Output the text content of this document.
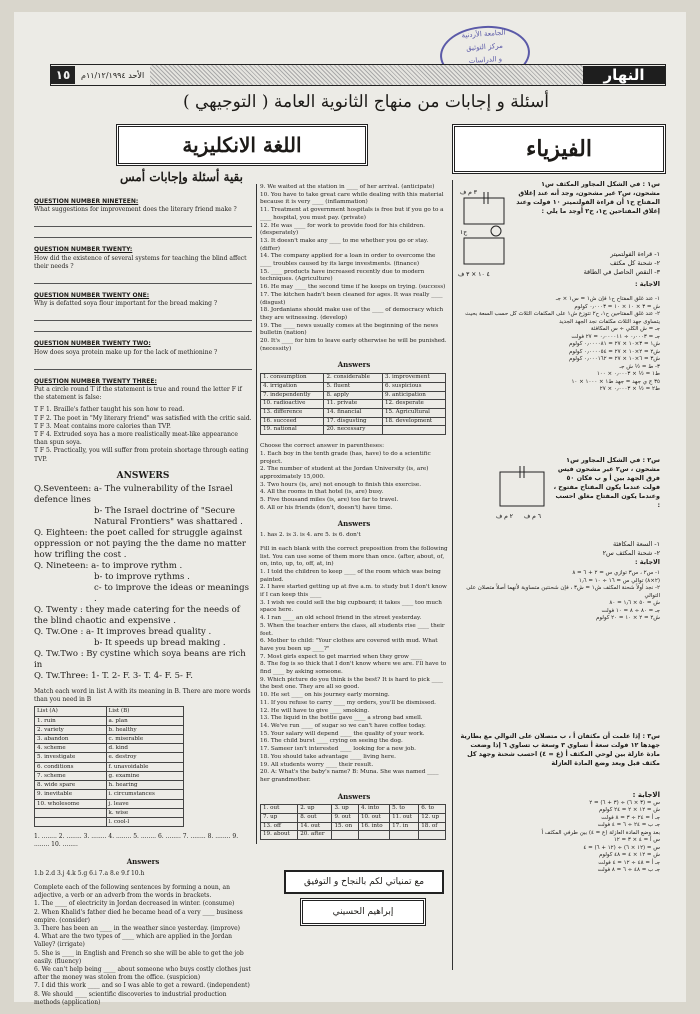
الجامعة الأردنية
مركز التوثيق
و الدراسات
١٥	الأحد ١١/١٢/١٩٩٤م	النهار
أسئلة و إجابات من منهاج الثانوية العامة ( التوجيهي )
اللغة الانكليزية	الفيزياء
بقية أسئلة وإجابات أمس
QUESTION NUMBER NINETEEN:
What suggestions for improvement does the literary friend make ?
QUESTION NUMBER TWENTY:
How did the existence of several systems for teaching the blind affect their needs ?
QUESTION NUMBER TWENTY ONE:
Why is defatted soya flour important for the bread making ?
QUESTION NUMBER TWENTY TWO:
How does soya protein make up for the lack of methionine ?
QUESTION NUMBER TWENTY THREE:
Put a circle round T if the statement is true and round the letter F if the statement is false:
T F 1. Braille's father taught his son how to read.
T F 2. The poet in "My literary friend" was satisfied with the critic said.
T F 3. Meat contains more calories than TVP.
T F 4. Extruded soya has a more realistically meat-like appearance than spun soya.
T F 5. Practically, you will suffer from protein shortage through eating TVP.
ANSWERS
Q.Seventeen: a- The vulnerability of the Israel defence lines
b- The Israel doctrine of "Secure Natural Frontiers" was shattared .
Q. Eighteen: the poet called for struggle against oppression or not paying the the dame no matter how trifling the cost .
Q. Nineteen: a- to improve rythm .
b- to improve rythms .
c- to improve the ideas or meanings .
Q. Twenty : they made catering for the needs of the blind chaotic and expensive .
Q. Tw.One : a- It improves bread quality .
b- It speeds up bread making .
Q. Tw.Two : By cystine which soya beans are rich in
Q. Tw.Three: 1- T. 2- F. 3- T. 4- F. 5- F.
Match each word in list A with its meaning in B. There are more words than you need in B
List (A)	List (B)
1. ruin	a. plan
2. variety	b. healthy
3. abandon	c. miserable
4. scheme	d. kind
5. investigate	e. destroy
6. conditions	f. unavoidable
7. scheme	g. examine
8. wide spare	h. hearing
9. inevitable	i. circumstances
10. wholesome	j. leave
	k. wise
	l. cool-l
1. ........ 2. ........ 3. ........ 4. ........ 5. ........ 6. ........ 7. ........ 8. ........ 9. ........ 10. ........
Answers
1.b 2.d 3.j 4.k 5.g 6.i 7.a 8.e 9.f 10.h
Complete each of the following sentences by forming a noun, an adjective, a verb or an adverb from the words in brackets.
1. The ____ of electricity in Jordan decreased in winter. (consume)
2. When Khalid's father died he became head of a very ____ business empire. (consider)
3. There has been an ____ in the weather since yesterday. (improve)
4. What are the two types of ____ which are applied in the Jordan Valley? (irrigate)
5. She is ____ in English and French so she will be able to get the job easily. (fluency)
6. We can't help being ____ about someone who buys costly clothes just after the money was stolen from the office. (suspicion)
7. I did this work ____ and so I was able to get a reward. (independent)
8. We should ____ scientific discoveries to industrial production methods (application)
9. We waited at the station in ____ of her arrival. (anticipate)
10. You have to take great care while dealing with this material because it is very ____ (inflammation)
11. Treatment at government hospitals is free but if you go to a ____ hospital, you must pay. (private)
12. He was ____ for work to provide food for his children. (desperately)
13. It doesn't make any ____ to me whether you go or stay. (differ)
14. The company applied for a loan in order to overcome the ____ troubles caused by its large investments. (finance)
15. ____ products have increased recently due to modern techniques. (Agriculture)
16. He may ____ the second time if he keeps on trying. (success)
17. The kitchen hadn't been cleaned for ages. It was really ____ (disgust)
18. Jordanians should make use of the ____ of democracy which they are witnessing. (develop)
19. The ____ news usually comes at the beginning of the news bulletin (nation)
20. It's ____ for him to leave early otherwise he will be punished. (necessity)
Answers
1. consumption	2. considerable	3. improvement
4. irrigation	5. fluent	6. suspicious
7. independently	8. apply	9. anticipation
10. radioactive	11. private	12. desperate
13. difference	14. financial	15. Agricultural
16. succeed	17. disgusting	18. development
19. national	20. necessary	
Choose the correct answer in parentheses:
1. Each boy in the tenth grade (has, have) to do a scientific project.
2. The number of student at the Jordan University (is, are) approximately 15,000.
3. Two hours (is, are) not enough to finish this exercise.
4. All the rooms in that hotel (is, are) busy.
5. Five thousand miles (is, are) too far to travel.
6. All or his friends (don't, doesn't) have time.
Answers
1. has 2. is 3. is 4. are 5. is 6. don't
Fill in each blank with the correct preposition from the following list. You can use some of them more than once. (after, about, of, on, into, up, to, off, at, in)
1. I told the children to keep ____ of the room which was being painted.
2. I have started getting up at five a.m. to study but I don't know if I can keep this ____
3. I wish we could sell the big cupboard; it takes ____ too much space here.
4. I ran ____ an old school friend in the street yesterday.
5. When the teacher enters the class, all students rise ____ their feet.
6. Mother to child: "Your clothes are covered with mud. What have you been up ____?"
7. Most girls expect to get married when they grow ____
8. The fog is so thick that I don't know where we are. I'll have to find ____ by asking someone.
9. Which picture do you think is the best? It is hard to pick ____ the best one. They are all so good.
10. He set ____ on his journey early morning.
11. If you refuse to carry ____ my orders, you'll be dismissed.
12. He will have to give ____ smoking.
13. The liquid in the bottle gave ____ a strong bad smell.
14. We've run ____ of sugar so we can't have coffee today.
15. Your salary will depend ____ the quality of your work.
16. The child burst ____ crying on seeing the dog.
17. Sameer isn't interested ____ looking for a new job.
18. You should take advantage ____ living here.
19. All students worry ____ their result.
20. A: What's the baby's name? B: Muna. She was named ____ her grandmother.
Answers
1. out	2. up	3. up	4. into	5. to	6. to
7. up	8. out	9. out	10. out	11. out	12. up
13. off	14. out	15. on	16. into	17. in	18. of
19. about	20. after				
مع تمنياتي لكم بالنجاح و التوفيق
إبراهيم الحسيني
س١ : في الشكل المجاور المكثف س١ مشحون، س٢ غير مشحون، وجد أنه عند إغلاق المفتاح ح١ أن قراءة الفولتميتر ١٠ فولت وعند إغلاق المفتاحين ح١، ح٢ أوجد ما يلي :
١- قراءة الفولتميتر
٢- شحنة كل مكثف
٣- النقص الحاصل في الطاقة
الاجابة :
٣ م ف
ح١
٤ ١٠ × ٣ ف
١- عند غلق المفتاح ح١ فإن ش١ = س١ × جـ
ش = ٣ × ١٠ × ١٠ = ٠٫٠٠٠٣ كولوم
٢- عند غلق المفتاحين ح١، ح٢ تتوزع ش١ على المكثفات الثلاث كل حسب السعة بحيث يتساوى جهد الثلاث مكثفات نجد الجهد الجديد
جـ = ش الكلي ÷ س المكافئة
جـ = ٠٫٠٠٠٣ ÷ ٠٫٠٠٠٠١١ = ٢٧ فولت
ش١ = ٣×١٠ × ٢٧ = ٠٫٠٠٠٠٨١ كولوم
ش٢ = ٢×١٠ × ٢٧ = ٠٫٠٠٠٠٥٤ كولوم
ش٣ = ٦×١٠ × ٢٧ = ٠٫٠٠٠١٦٢ كولوم
٣- ط = ½ ش جـ
ط١ = ½ × ٠٫٠٠٠٣ × ١٠٠
٣٥ ج ي جهد = جهد ط١ × ١٠٠٠ × ١٠
ط٢ = ½ × ٠٫٠٠٠٣ × ٢٧
س٢ : في الشكل المجاور س١ مشحون ، س٢ غير مشحون فيس فرق الجهد بين أ و ب فكان ٥٠ فولت عندما يكون المفتاح مفتوح ، وعندما يكون المفتاح مغلق احسب :
٢ م ف ٦ م ف
١- السعة المكافئة
٢- شحنة المكثف س٢
الاجابة :
١- س٢ ، س٣ توازي س = ٢ + ٦ = ٨
(٢×٨) توالي س = ١٦ ÷ ١٠ = ١٫٦
٢- نجد أولاً شحنة المكثف ش١ = ش٣ ، فإن شحنتين متساوية لأنهما أصلاً متصلان على التوالي
ش = ٥٠ × ١٫٦ = ٨٠
جـ = ٨٠ ÷ ٨ = ١٠ فولت
ش٢ = ٢ × ١٠ = ٢٠ كولوم
س٣ : إذا علمت أن مكثفان أ ، ب متصلان على التوالي مع بطارية جهدها ١٢ فولت سعة أ تساوي ٣ وسعة ب تساوي ٦ إذا وضعت مادة عازلة بين لوحي المكثف أ (ع = ٤) احسب شحنة وجهد كل مكثف قبل وبعد وضع المادة العازلة
الاجابة :
س = (٣ × ٦) ÷ (٣ + ٦) = ٢
ش = ١٢ × ٢ = ٢٤ كولوم
جـ أ = ٢٤ ÷ ٣ = ٨ فولت
جـ ب = ٢٤ ÷ ٦ = ٤ فولت
بعد وضع المادة العازلة (ع = ٤) بين طرفي المكثف أ
س أ = ٤ × ٣ = ١٢
س = (١٢ × ٦) ÷ (١٢ + ٦) = ٤
ش = ١٢ × ٤ = ٤٨ كولوم
جـ أ = ٤٨ ÷ ١٢ = ٤ فولت
جـ ب = ٤٨ ÷ ٦ = ٨ فولت
